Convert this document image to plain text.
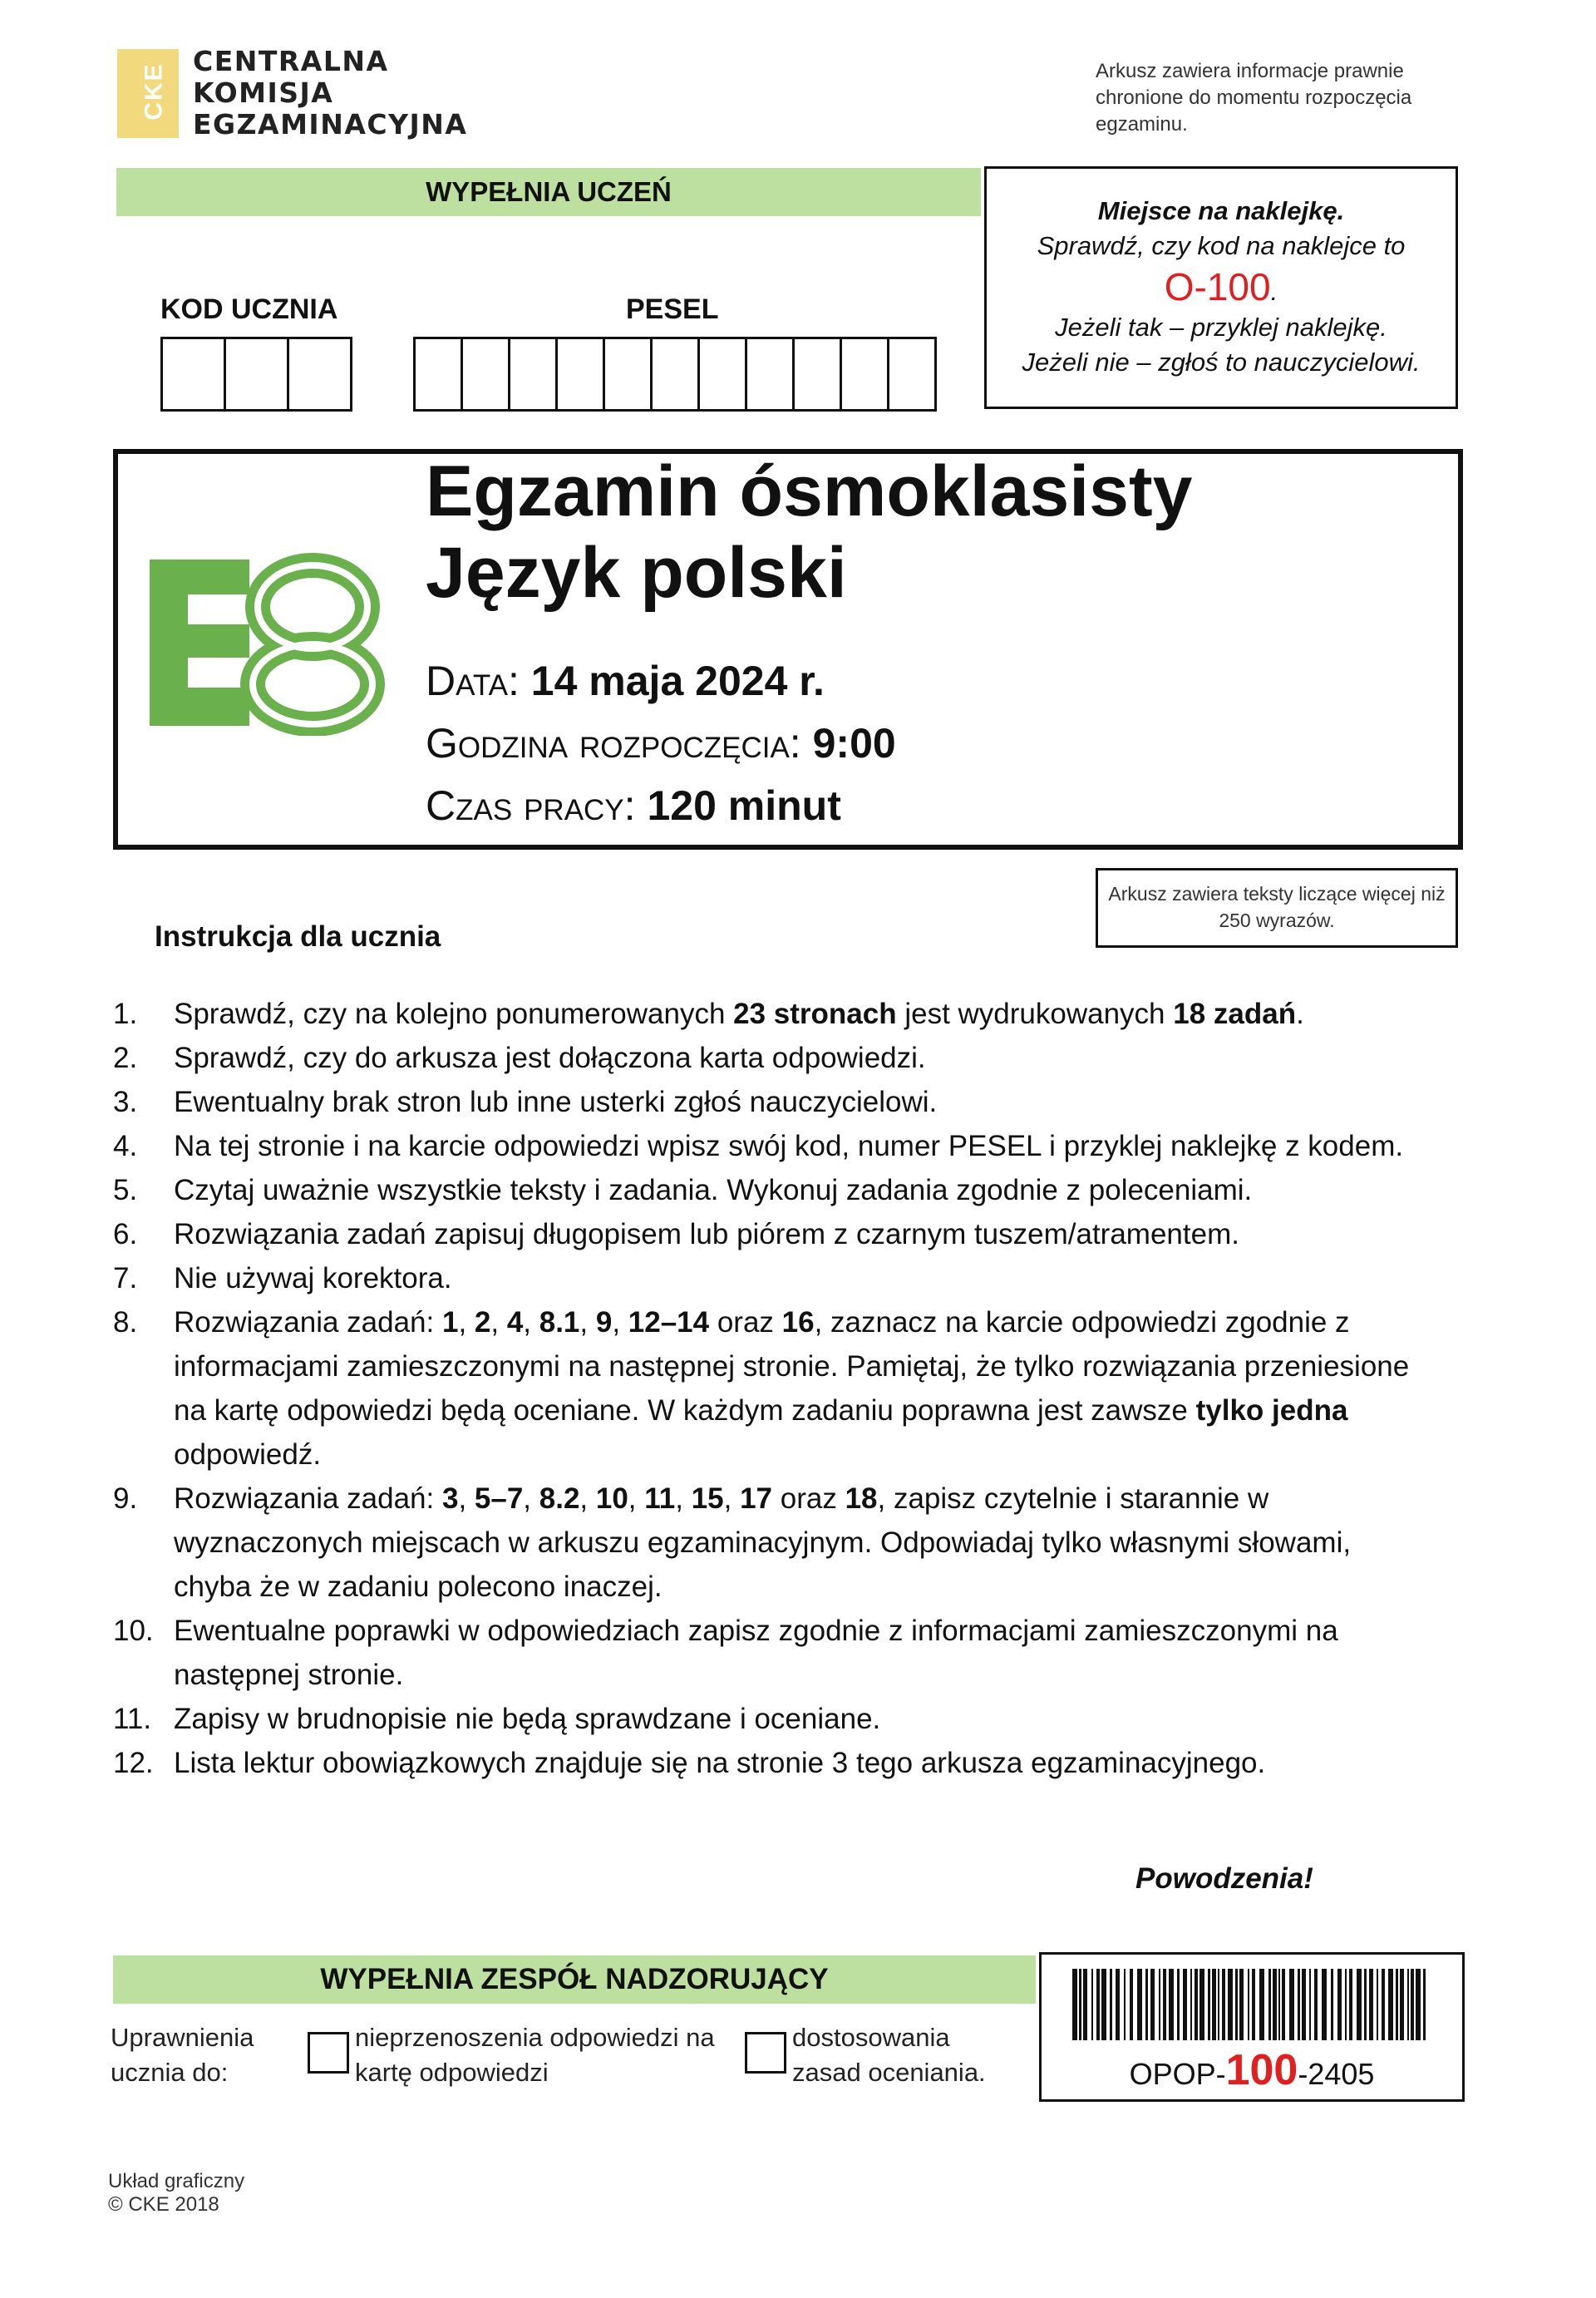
CKE
CENTRALNA
KOMISJA
EGZAMINACYJNA
Arkusz zawiera informacje prawnie chronione do momentu rozpoczęcia egzaminu.
WYPEŁNIA UCZEŃ
KOD UCZNIA	PESEL
Miejsce na naklejkę.
Sprawdź, czy kod na naklejce to
O-100.
Jeżeli tak – przyklej naklejkę.
Jeżeli nie – zgłoś to nauczycielowi.
Egzamin ósmoklasisty
Język polski
Data: 14 maja 2024 r.
Godzina rozpoczęcia: 9:00
Czas pracy: 120 minut
Arkusz zawiera teksty liczące więcej niż 250 wyrazów.
Instrukcja dla ucznia
1. Sprawdź, czy na kolejno ponumerowanych 23 stronach jest wydrukowanych 18 zadań.
2. Sprawdź, czy do arkusza jest dołączona karta odpowiedzi.
3. Ewentualny brak stron lub inne usterki zgłoś nauczycielowi.
4. Na tej stronie i na karcie odpowiedzi wpisz swój kod, numer PESEL i przyklej naklejkę z kodem.
5. Czytaj uważnie wszystkie teksty i zadania. Wykonuj zadania zgodnie z poleceniami.
6. Rozwiązania zadań zapisuj długopisem lub piórem z czarnym tuszem/atramentem.
7. Nie używaj korektora.
8. Rozwiązania zadań: 1, 2, 4, 8.1, 9, 12–14 oraz 16, zaznacz na karcie odpowiedzi zgodnie z informacjami zamieszczonymi na następnej stronie. Pamiętaj, że tylko rozwiązania przeniesione na kartę odpowiedzi będą oceniane. W każdym zadaniu poprawna jest zawsze tylko jedna odpowiedź.
9. Rozwiązania zadań: 3, 5–7, 8.2, 10, 11, 15, 17 oraz 18, zapisz czytelnie i starannie w wyznaczonych miejscach w arkuszu egzaminacyjnym. Odpowiadaj tylko własnymi słowami, chyba że w zadaniu polecono inaczej.
10. Ewentualne poprawki w odpowiedziach zapisz zgodnie z informacjami zamieszczonymi na następnej stronie.
11. Zapisy w brudnopisie nie będą sprawdzane i oceniane.
12. Lista lektur obowiązkowych znajduje się na stronie 3 tego arkusza egzaminacyjnego.
Powodzenia!
WYPEŁNIA ZESPÓŁ NADZORUJĄCY
Uprawnienia ucznia do:
nieprzenoszenia odpowiedzi na kartę odpowiedzi
dostosowania zasad oceniania.	OPOP-100-2405
Układ graficzny
© CKE 2018
